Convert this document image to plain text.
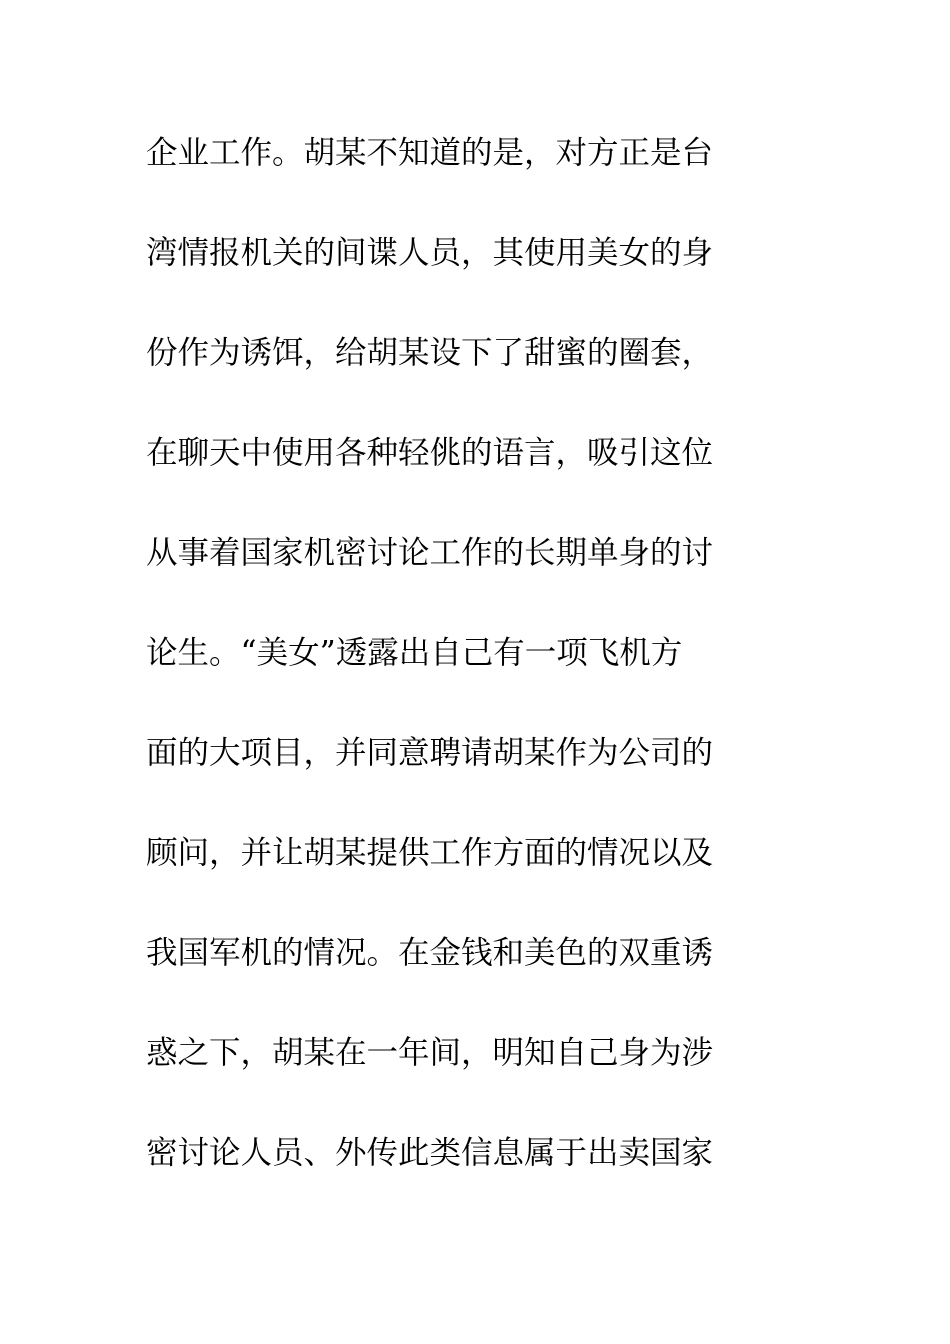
企业工作。胡某不知道的是，对方正是台
湾情报机关的间谍人员，其使用美女的身
份作为诱饵，给胡某设下了甜蜜的圈套，
在聊天中使用各种轻佻的语言，吸引这位
从事着国家机密讨论工作的长期单身的讨
论生。“美女”透露出自己有一项飞机方
面的大项目，并同意聘请胡某作为公司的
顾问，并让胡某提供工作方面的情况以及
我国军机的情况。在金钱和美色的双重诱
惑之下，胡某在一年间，明知自己身为涉
密讨论人员、外传此类信息属于出卖国家
